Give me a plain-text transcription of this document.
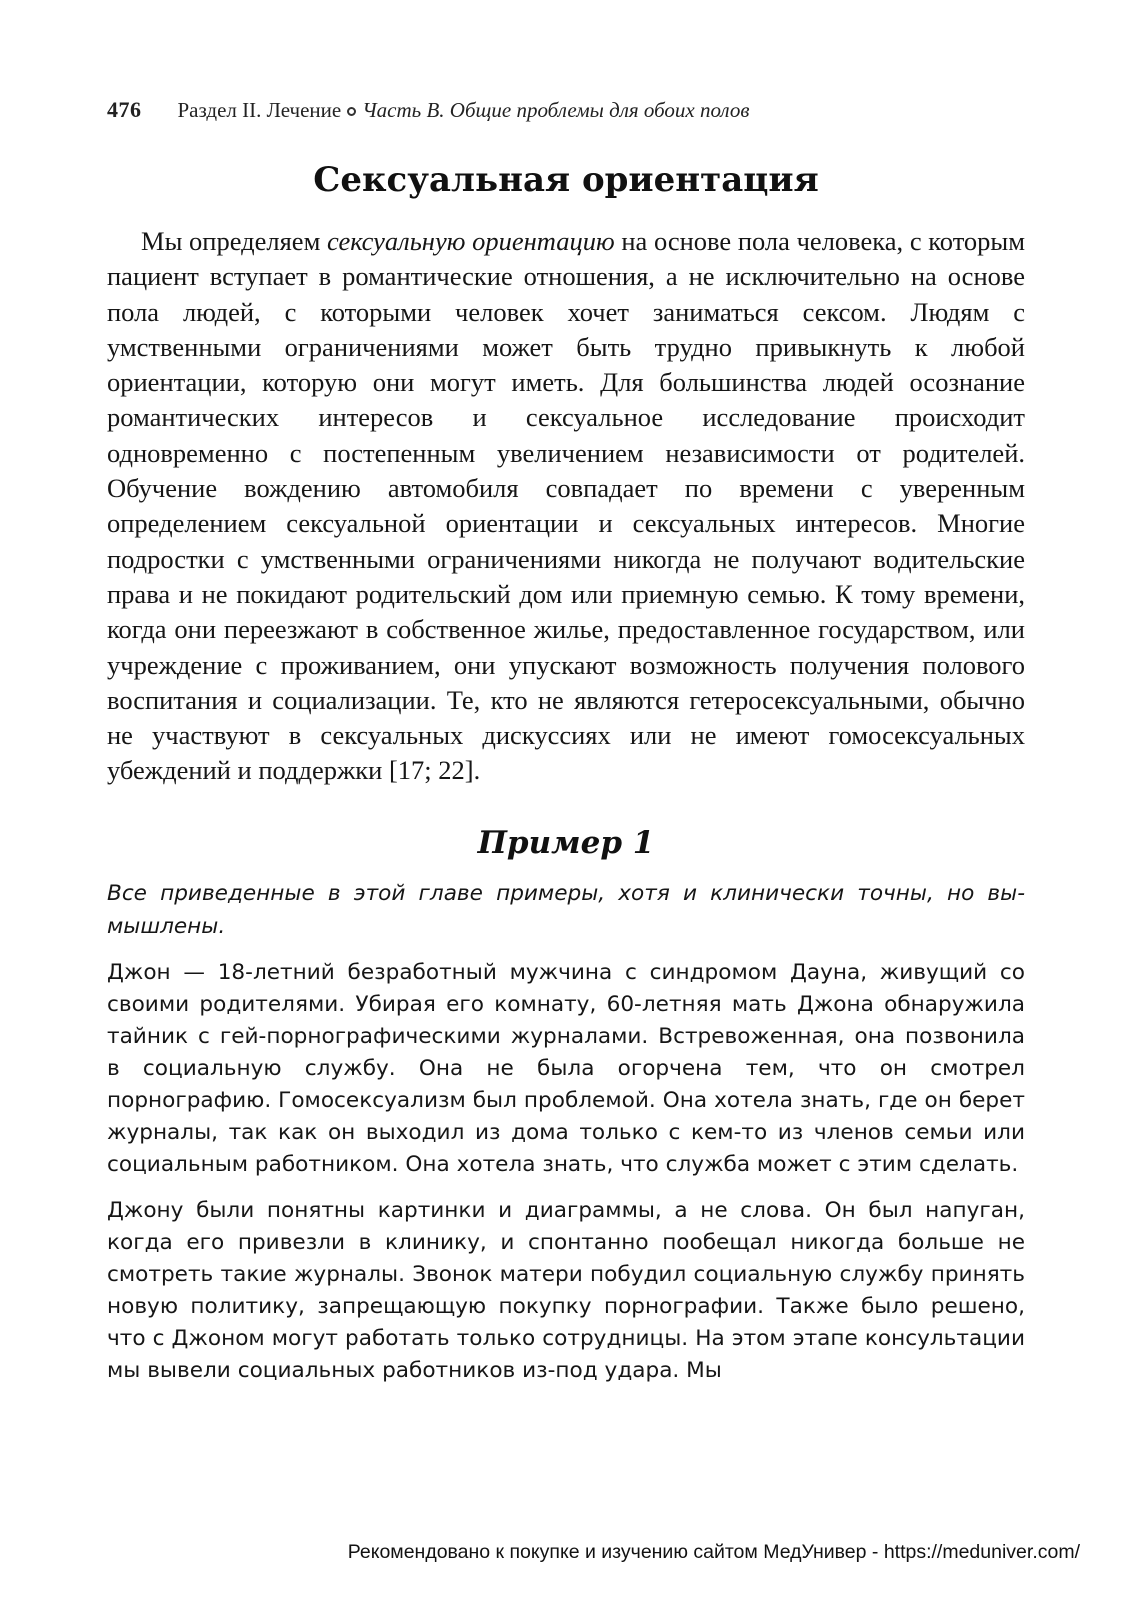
476 Раздел II. Лечение Часть B. Общие проблемы для обоих полов
Сексуальная ориентация

Мы определяем сексуальную ориентацию на основе пола человека, с которым пациент вступает в романтические отношения, а не исключительно на основе пола людей, с которыми человек хочет заниматься сексом. Людям с умственными ограничениями может быть трудно привыкнуть к любой ориентации, которую они могут иметь. Для большинства людей осознание романтических интересов и сексуальное исследование происходит одновременно с постепенным увеличением независимости от родителей. Обучение вождению автомобиля совпадает по времени с уверенным определением сексуальной ориентации и сексуальных интересов. Многие подростки с умственными ограничениями никогда не получают водительские права и не покидают родительский дом или приемную семью. К тому времени, когда они переезжают в собственное жилье, предоставленное государством, или учреждение с проживанием, они упускают возможность получения полового воспитания и социализации. Те, кто не являются гетеросексуальными, обычно не участвуют в сексуальных дискуссиях или не имеют гомосексуальных убеждений и поддержки [17; 22].

Пример 1

Все приведенные в этой главе примеры, хотя и клинически точны, но вымышлены.

Джон — 18-летний безработный мужчина с синдромом Дауна, живущий со своими родителями. Убирая его комнату, 60-летняя мать Джона обнаружила тайник с гей-порнографическими журналами. Встревоженная, она позвонила в социальную службу. Она не была огорчена тем, что он смотрел порнографию. Гомосексуализм был проблемой. Она хотела знать, где он берет журналы, так как он выходил из дома только с кем-то из членов семьи или социальным работником. Она хотела знать, что служба может с этим сделать.

Джону были понятны картинки и диаграммы, а не слова. Он был напуган, когда его привезли в клинику, и спонтанно пообещал никогда больше не смотреть такие журналы. Звонок матери побудил социальную службу принять новую политику, запрещающую покупку порнографии. Также было решено, что с Джоном могут работать только сотрудницы. На этом этапе консультации мы вывели социальных работников из-под удара. Мы

Рекомендовано к покупке и изучению сайтом МедУнивер - https://meduniver.com/
